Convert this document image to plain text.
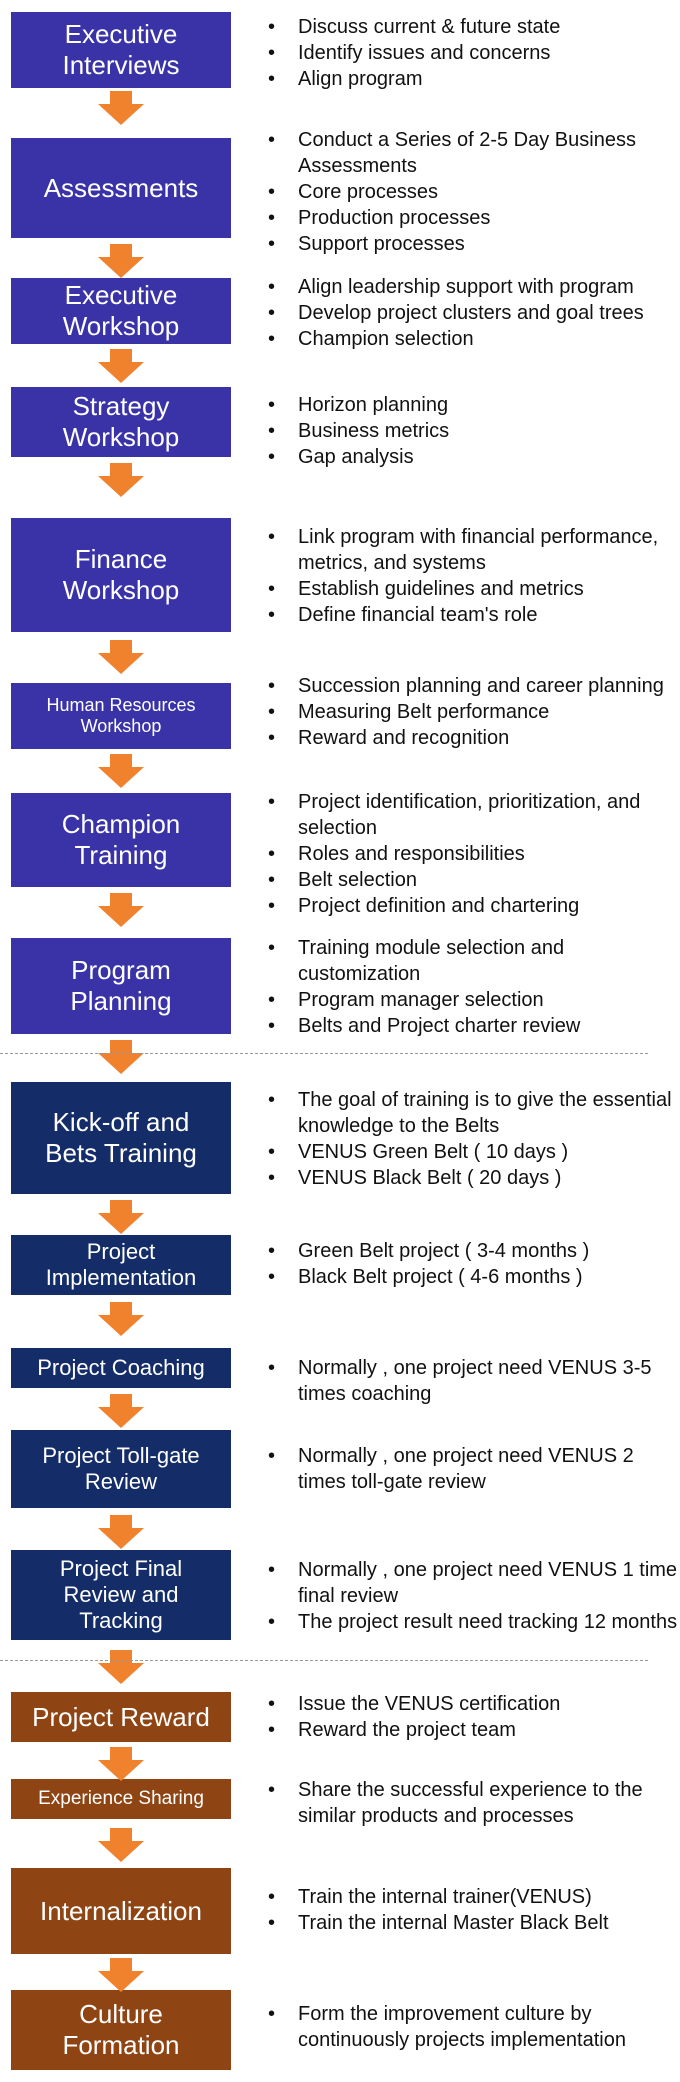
Executive
Interviews
• Discuss current & future state
• Identify issues and concerns
• Align program
Assessments
• Conduct a Series of 2-5 Day Business Assessments
• Core processes
• Production processes
• Support processes
Executive
Workshop
• Align leadership support with program
• Develop project clusters and goal trees
• Champion selection
Strategy
Workshop
• Horizon planning
• Business metrics
• Gap analysis
Finance
Workshop
• Link program with financial performance, metrics, and systems
• Establish guidelines and metrics
• Define financial team's role
Human Resources
Workshop
• Succession planning and career planning
• Measuring Belt performance
• Reward and recognition
Champion
Training
• Project identification, prioritization, and selection
• Roles and responsibilities
• Belt selection
• Project definition and chartering
Program
Planning
• Training module selection and customization
• Program manager selection
• Belts and Project charter review
Kick-off and
Bets Training
• The goal of training is to give the essential knowledge to the Belts
• VENUS Green Belt ( 10 days )
• VENUS Black Belt ( 20 days )
Project
Implementation
• Green Belt project ( 3-4 months )
• Black Belt project ( 4-6 months )
Project Coaching	• Normally , one project need VENUS 3-5 times coaching
Project Toll-gate
Review
• Normally , one project need VENUS 2 times toll-gate review
Project Final
Review and
Tracking
• Normally , one project need VENUS 1 time final review
• The project result need tracking 12 months
Project Reward	• Issue the VENUS certification
• Reward the project team
Experience Sharing	• Share the successful experience to the similar products and processes
Internalization	• Train the internal trainer(VENUS)
• Train the internal Master Black Belt
Culture
Formation
• Form the improvement culture by continuously projects implementation
